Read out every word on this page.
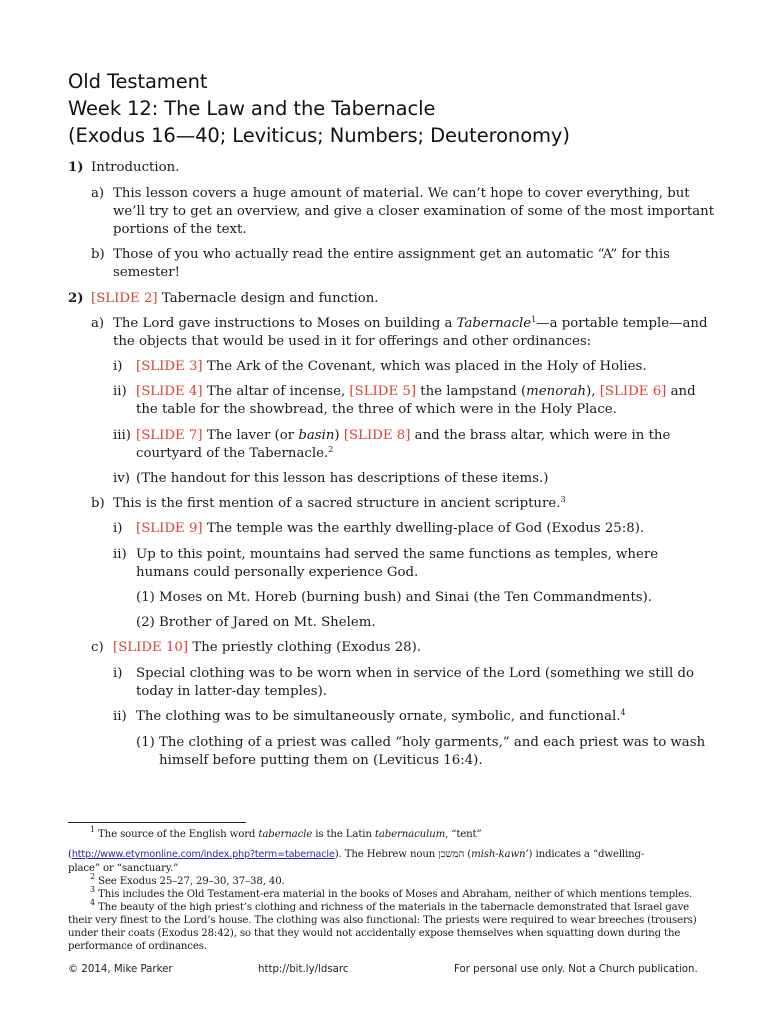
Old Testament
Week 12: The Law and the Tabernacle
(Exodus 16—40; Leviticus; Numbers; Deuteronomy)
1) Introduction.
a) This lesson covers a huge amount of material. We can’t hope to cover everything, but
we’ll try to get an overview, and give a closer examination of some of the most important
portions of the text.
b) Those of you who actually read the entire assignment get an automatic “A” for this
semester!
2) [SLIDE 2] Tabernacle design and function.
a) The Lord gave instructions to Moses on building a Tabernacle$^1$—a portable temple—and
the objects that would be used in it for offerings and other ordinances:
i) [SLIDE 3] The Ark of the Covenant, which was placed in the Holy of Holies.
ii) [SLIDE 4] The altar of incense, [SLIDE 5] the lampstand (menorah), [SLIDE 6] and
the table for the showbread, the three of which were in the Holy Place.
iii) [SLIDE 7] The laver (or basin) [SLIDE 8] and the brass altar, which were in the
courtyard of the Tabernacle.$^2$
iv) (The handout for this lesson has descriptions of these items.)
b) This is the first mention of a sacred structure in ancient scripture.$^3$
i) [SLIDE 9] The temple was the earthly dwelling-place of God (Exodus 25:8).
ii) Up to this point, mountains had served the same functions as temples, where
humans could personally experience God.
(1) Moses on Mt. Horeb (burning bush) and Sinai (the Ten Commandments).
(2) Brother of Jared on Mt. Shelem.
c) [SLIDE 10] The priestly clothing (Exodus 28).
i) Special clothing was to be worn when in service of the Lord (something we still do
today in latter-day temples).
ii) The clothing was to be simultaneously ornate, symbolic, and functional.$^4$
(1) The clothing of a priest was called “holy garments,” and each priest was to wash
himself before putting them on (Leviticus 16:4).
$^1$ The source of the English word tabernacle is the Latin tabernaculum, “tent”
(http://www.etymonline.com/index.php?term=tabernacle). The Hebrew noun המשכן (mish-kawn’) indicates a “dwelling-
place” or “sanctuary.”
$^2$ See Exodus 25–27, 29–30, 37–38, 40.
$^3$ This includes the Old Testament-era material in the books of Moses and Abraham, neither of which mentions temples.
$^4$ The beauty of the high priest’s clothing and richness of the materials in the tabernacle demonstrated that Israel gave
their very finest to the Lord’s house. The clothing was also functional: The priests were required to wear breeches (trousers)
under their coats (Exodus 28:42), so that they would not accidentally expose themselves when squatting down during the
performance of ordinances.
© 2014, Mike Parker	http://bit.ly/ldsarc	For personal use only. Not a Church publication.
